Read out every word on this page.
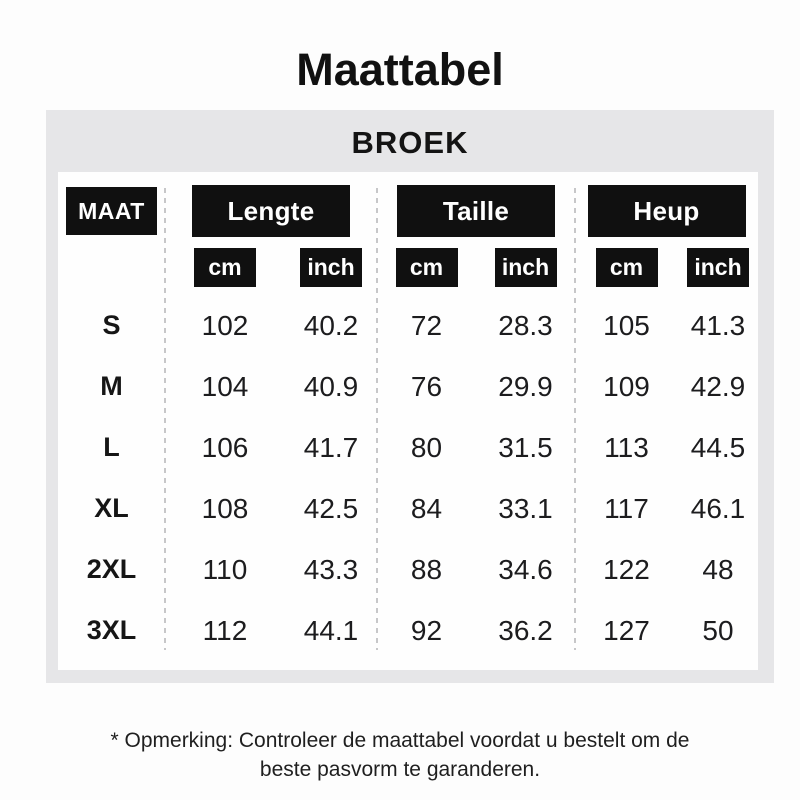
Maattabel
BROEK
MAAT	Lengte	Taille	Heup
cm	inch	cm	inch	cm	inch
S	102	40.2	72	28.3	105	41.3
M	104	40.9	76	29.9	109	42.9
L	106	41.7	80	31.5	113	44.5
XL	108	42.5	84	33.1	117	46.1
2XL	110	43.3	88	34.6	122	48
3XL	112	44.1	92	36.2	127	50
* Opmerking: Controleer de maattabel voordat u bestelt om de
beste pasvorm te garanderen.
